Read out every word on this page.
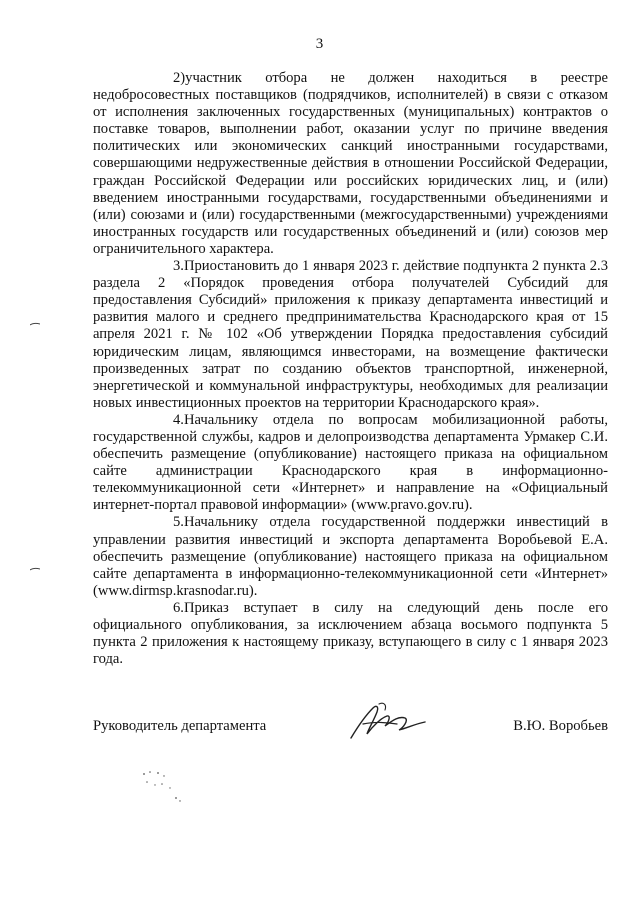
3

2)участник отбора не должен находиться в реестре недобросовестных поставщиков (подрядчиков, исполнителей) в связи с отказом от исполнения заключенных государственных (муниципальных) контрактов о поставке товаров, выполнении работ, оказании услуг по причине введения политических или экономических санкций иностранными государствами, совершающими недружественные действия в отношении Российской Федерации, граждан Российской Федерации или российских юридических лиц, и (или) введением иностранными государствами, государственными объединениями и (или) союзами и (или) государственными (межгосударственными) учреждениями иностранных государств или государственных объединений и (или) союзов мер ограничительного характера.

3.Приостановить до 1 января 2023 г. действие подпункта 2 пункта 2.3 раздела 2 «Порядок проведения отбора получателей Субсидий для предоставления Субсидий» приложения к приказу департамента инвестиций и развития малого и среднего предпринимательства Краснодарского края от 15 апреля 2021 г. № 102 «Об утверждении Порядка предоставления субсидий юридическим лицам, являющимся инвесторами, на возмещение фактически произведенных затрат по созданию объектов транспортной, инженерной, энергетической и коммунальной инфраструктуры, необходимых для реализации новых инвестиционных проектов на территории Краснодарского края».

4.Начальнику отдела по вопросам мобилизационной работы, государственной службы, кадров и делопроизводства департамента Урмакер С.И. обеспечить размещение (опубликование) настоящего приказа на официальном сайте администрации Краснодарского края в информационно-телекоммуникационной сети «Интернет» и направление на «Официальный интернет-портал правовой информации» (www.pravo.gov.ru).

5.Начальнику отдела государственной поддержки инвестиций в управлении развития инвестиций и экспорта департамента Воробьевой Е.А. обеспечить размещение (опубликование) настоящего приказа на официальном сайте департамента в информационно-телекоммуникационной сети «Интернет» (www.dirmsp.krasnodar.ru).

6.Приказ вступает в силу на следующий день после его официального опубликования, за исключением абзаца восьмого подпункта 5 пункта 2 приложения к настоящему приказу, вступающего в силу с 1 января 2023 года.

Руководитель департамента	В.Ю. Воробьев
